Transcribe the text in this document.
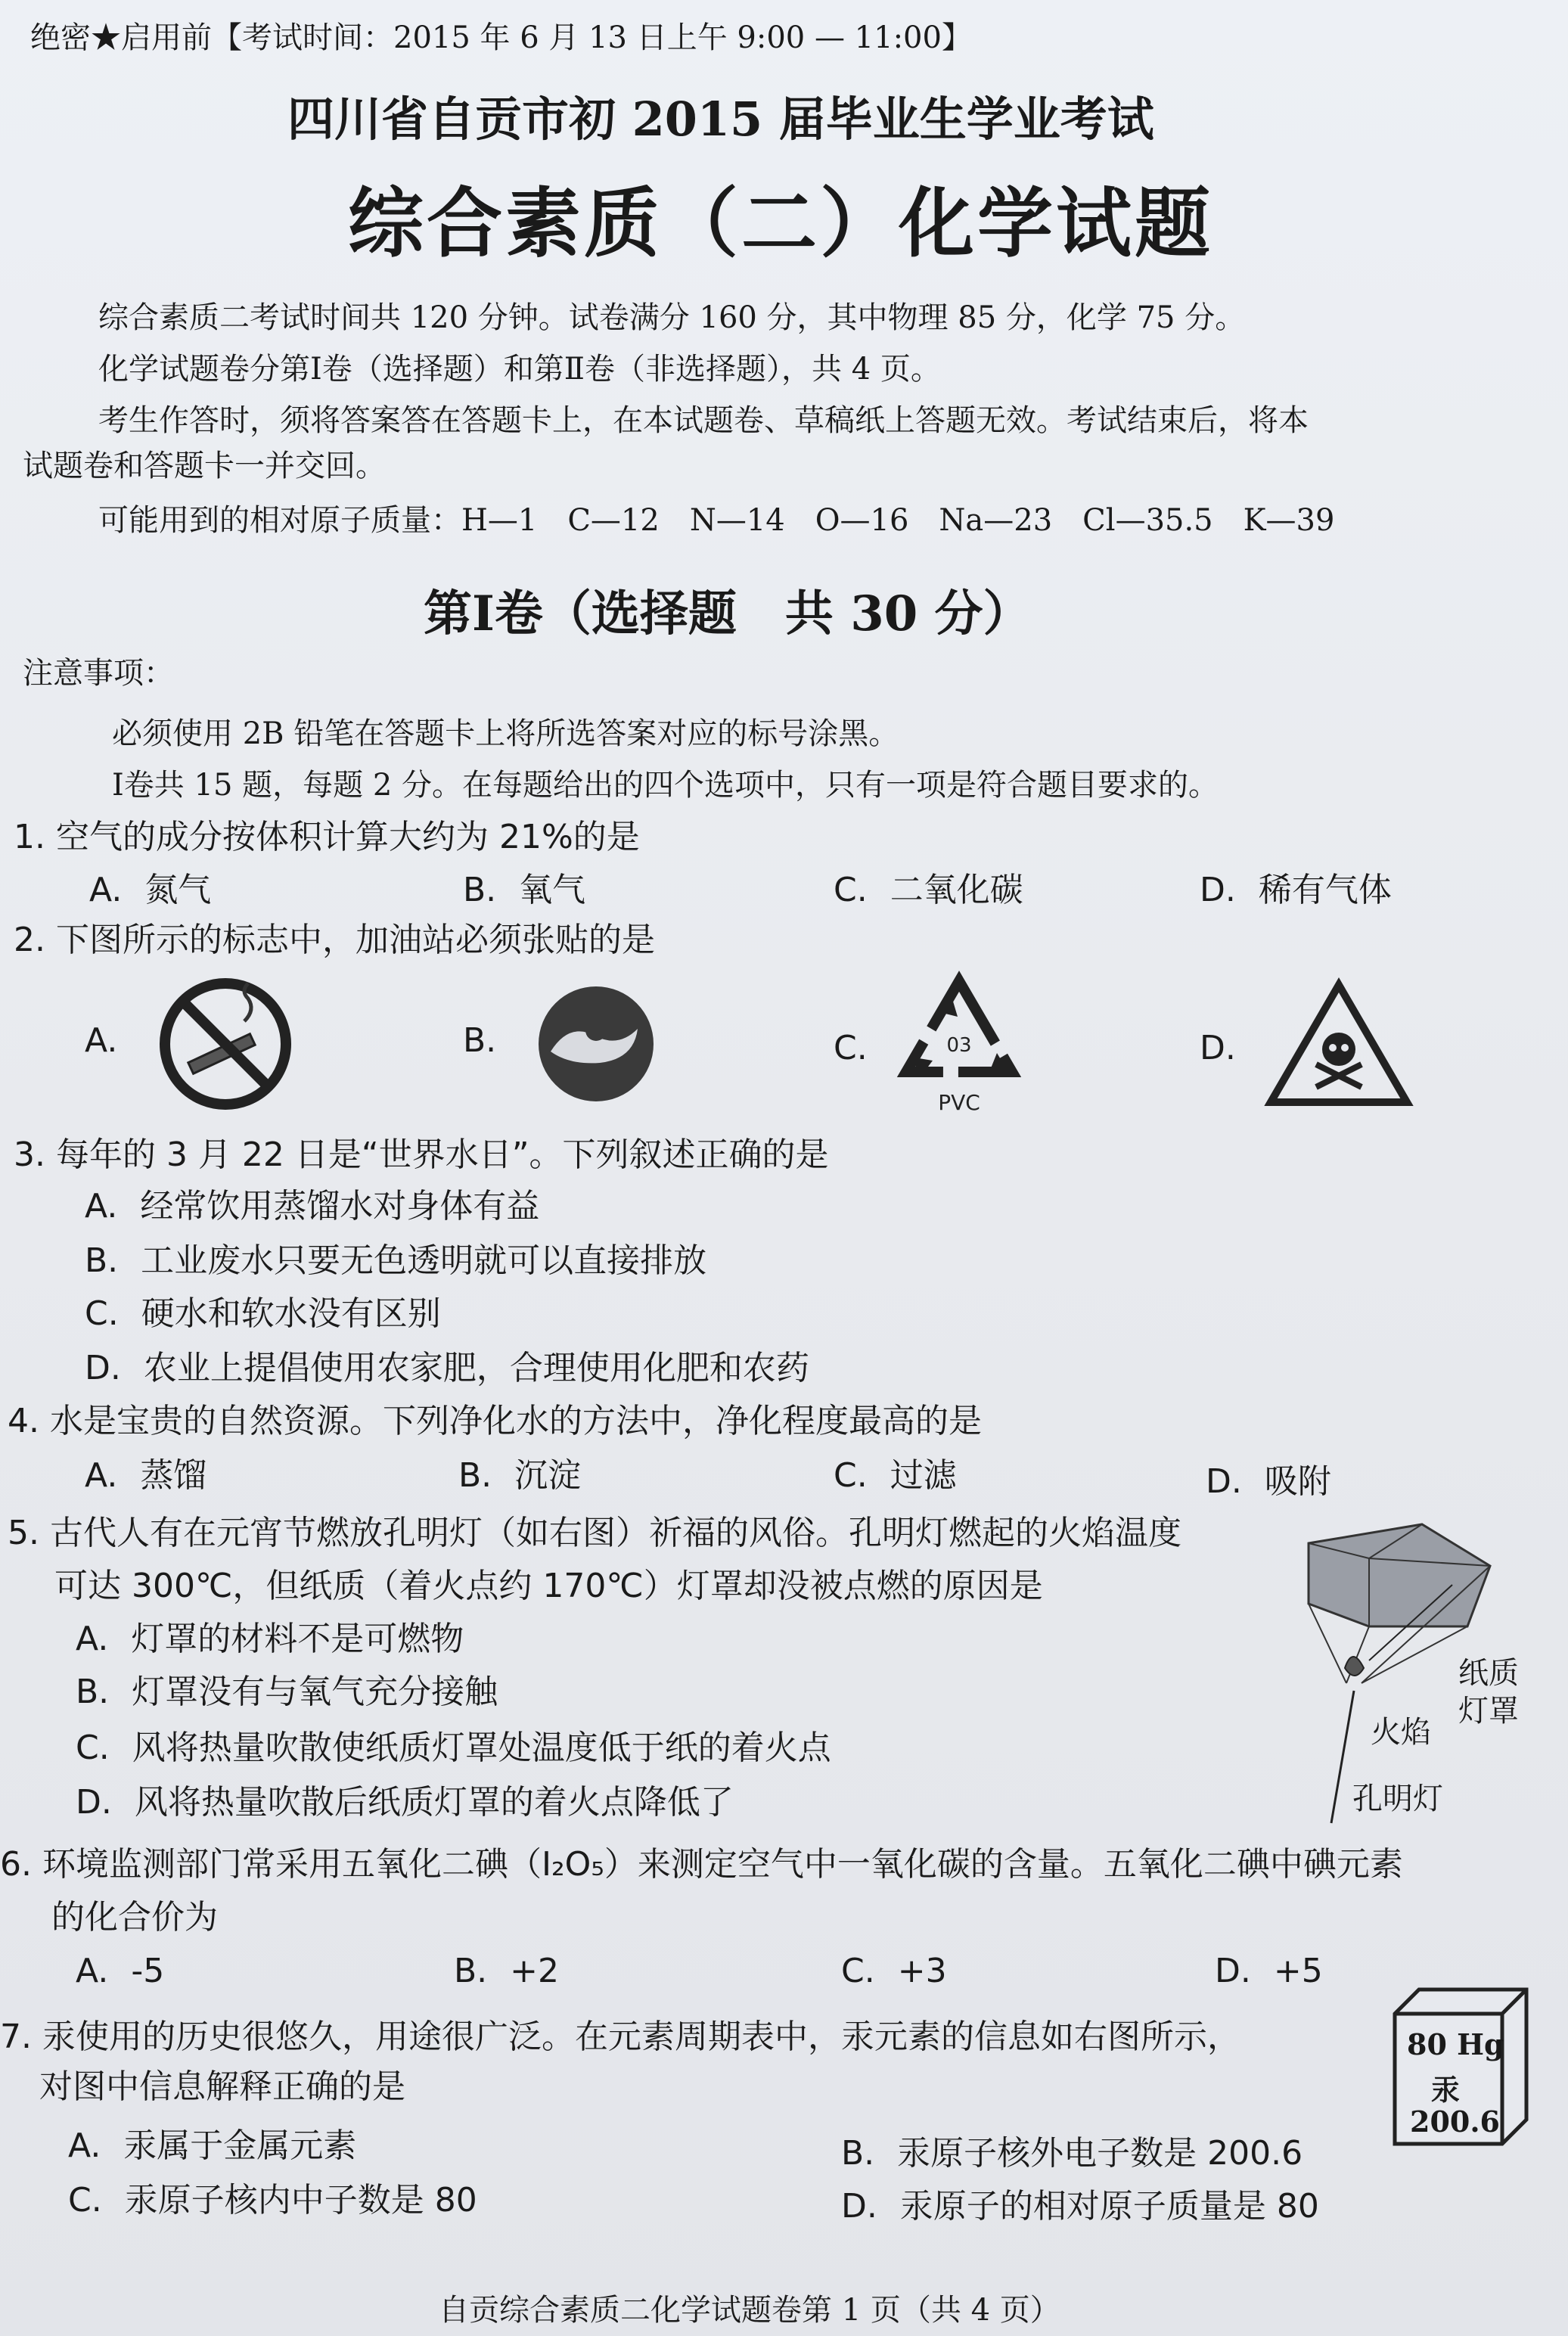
绝密★启用前【考试时间：2015 年 6 月 13 日上午 9:00 — 11:00】
四川省自贡市初 2015 届毕业生学业考试
综合素质（二）化学试题
综合素质二考试时间共 120 分钟。试卷满分 160 分，其中物理 85 分，化学 75 分。
化学试题卷分第Ⅰ卷（选择题）和第Ⅱ卷（非选择题），共 4 页。
考生作答时，须将答案答在答题卡上，在本试题卷、草稿纸上答题无效。考试结束后，将本
试题卷和答题卡一并交回。
可能用到的相对原子质量：H—1　C—12　N—14　O—16　Na—23　Cl—35.5　K—39
第Ⅰ卷（选择题　共 30 分）
注意事项：
必须使用 2B 铅笔在答题卡上将所选答案对应的标号涂黑。
Ⅰ卷共 15 题，每题 2 分。在每题给出的四个选项中，只有一项是符合题目要求的。
1. 空气的成分按体积计算大约为 21%的是
A. 氮气	B. 氧气	C. 二氧化碳	D. 稀有气体
2. 下图所示的标志中，加油站必须张贴的是
A.	B.	C.	D.
03
PVC
3. 每年的 3 月 22 日是“世界水日”。下列叙述正确的是
A. 经常饮用蒸馏水对身体有益
B. 工业废水只要无色透明就可以直接排放
C. 硬水和软水没有区别
D. 农业上提倡使用农家肥，合理使用化肥和农药
4. 水是宝贵的自然资源。下列净化水的方法中，净化程度最高的是
A. 蒸馏	B. 沉淀	C. 过滤	D. 吸附
5. 古代人有在元宵节燃放孔明灯（如右图）祈福的风俗。孔明灯燃起的火焰温度
可达 300℃，但纸质（着火点约 170℃）灯罩却没被点燃的原因是
A. 灯罩的材料不是可燃物
B. 灯罩没有与氧气充分接触
C. 风将热量吹散使纸质灯罩处温度低于纸的着火点
D. 风将热量吹散后纸质灯罩的着火点降低了
纸质
灯罩
火焰
孔明灯
6. 环境监测部门常采用五氧化二碘（I₂O₅）来测定空气中一氧化碳的含量。五氧化二碘中碘元素
的化合价为
A. -5	B. +2	C. +3	D. +5
7. 汞使用的历史很悠久，用途很广泛。在元素周期表中，汞元素的信息如右图所示，
对图中信息解释正确的是
A. 汞属于金属元素	B. 汞原子核外电子数是 200.6
C. 汞原子核内中子数是 80	D. 汞原子的相对原子质量是 80
80 Hg
汞
200.6
自贡综合素质二化学试题卷第 1 页（共 4 页）
